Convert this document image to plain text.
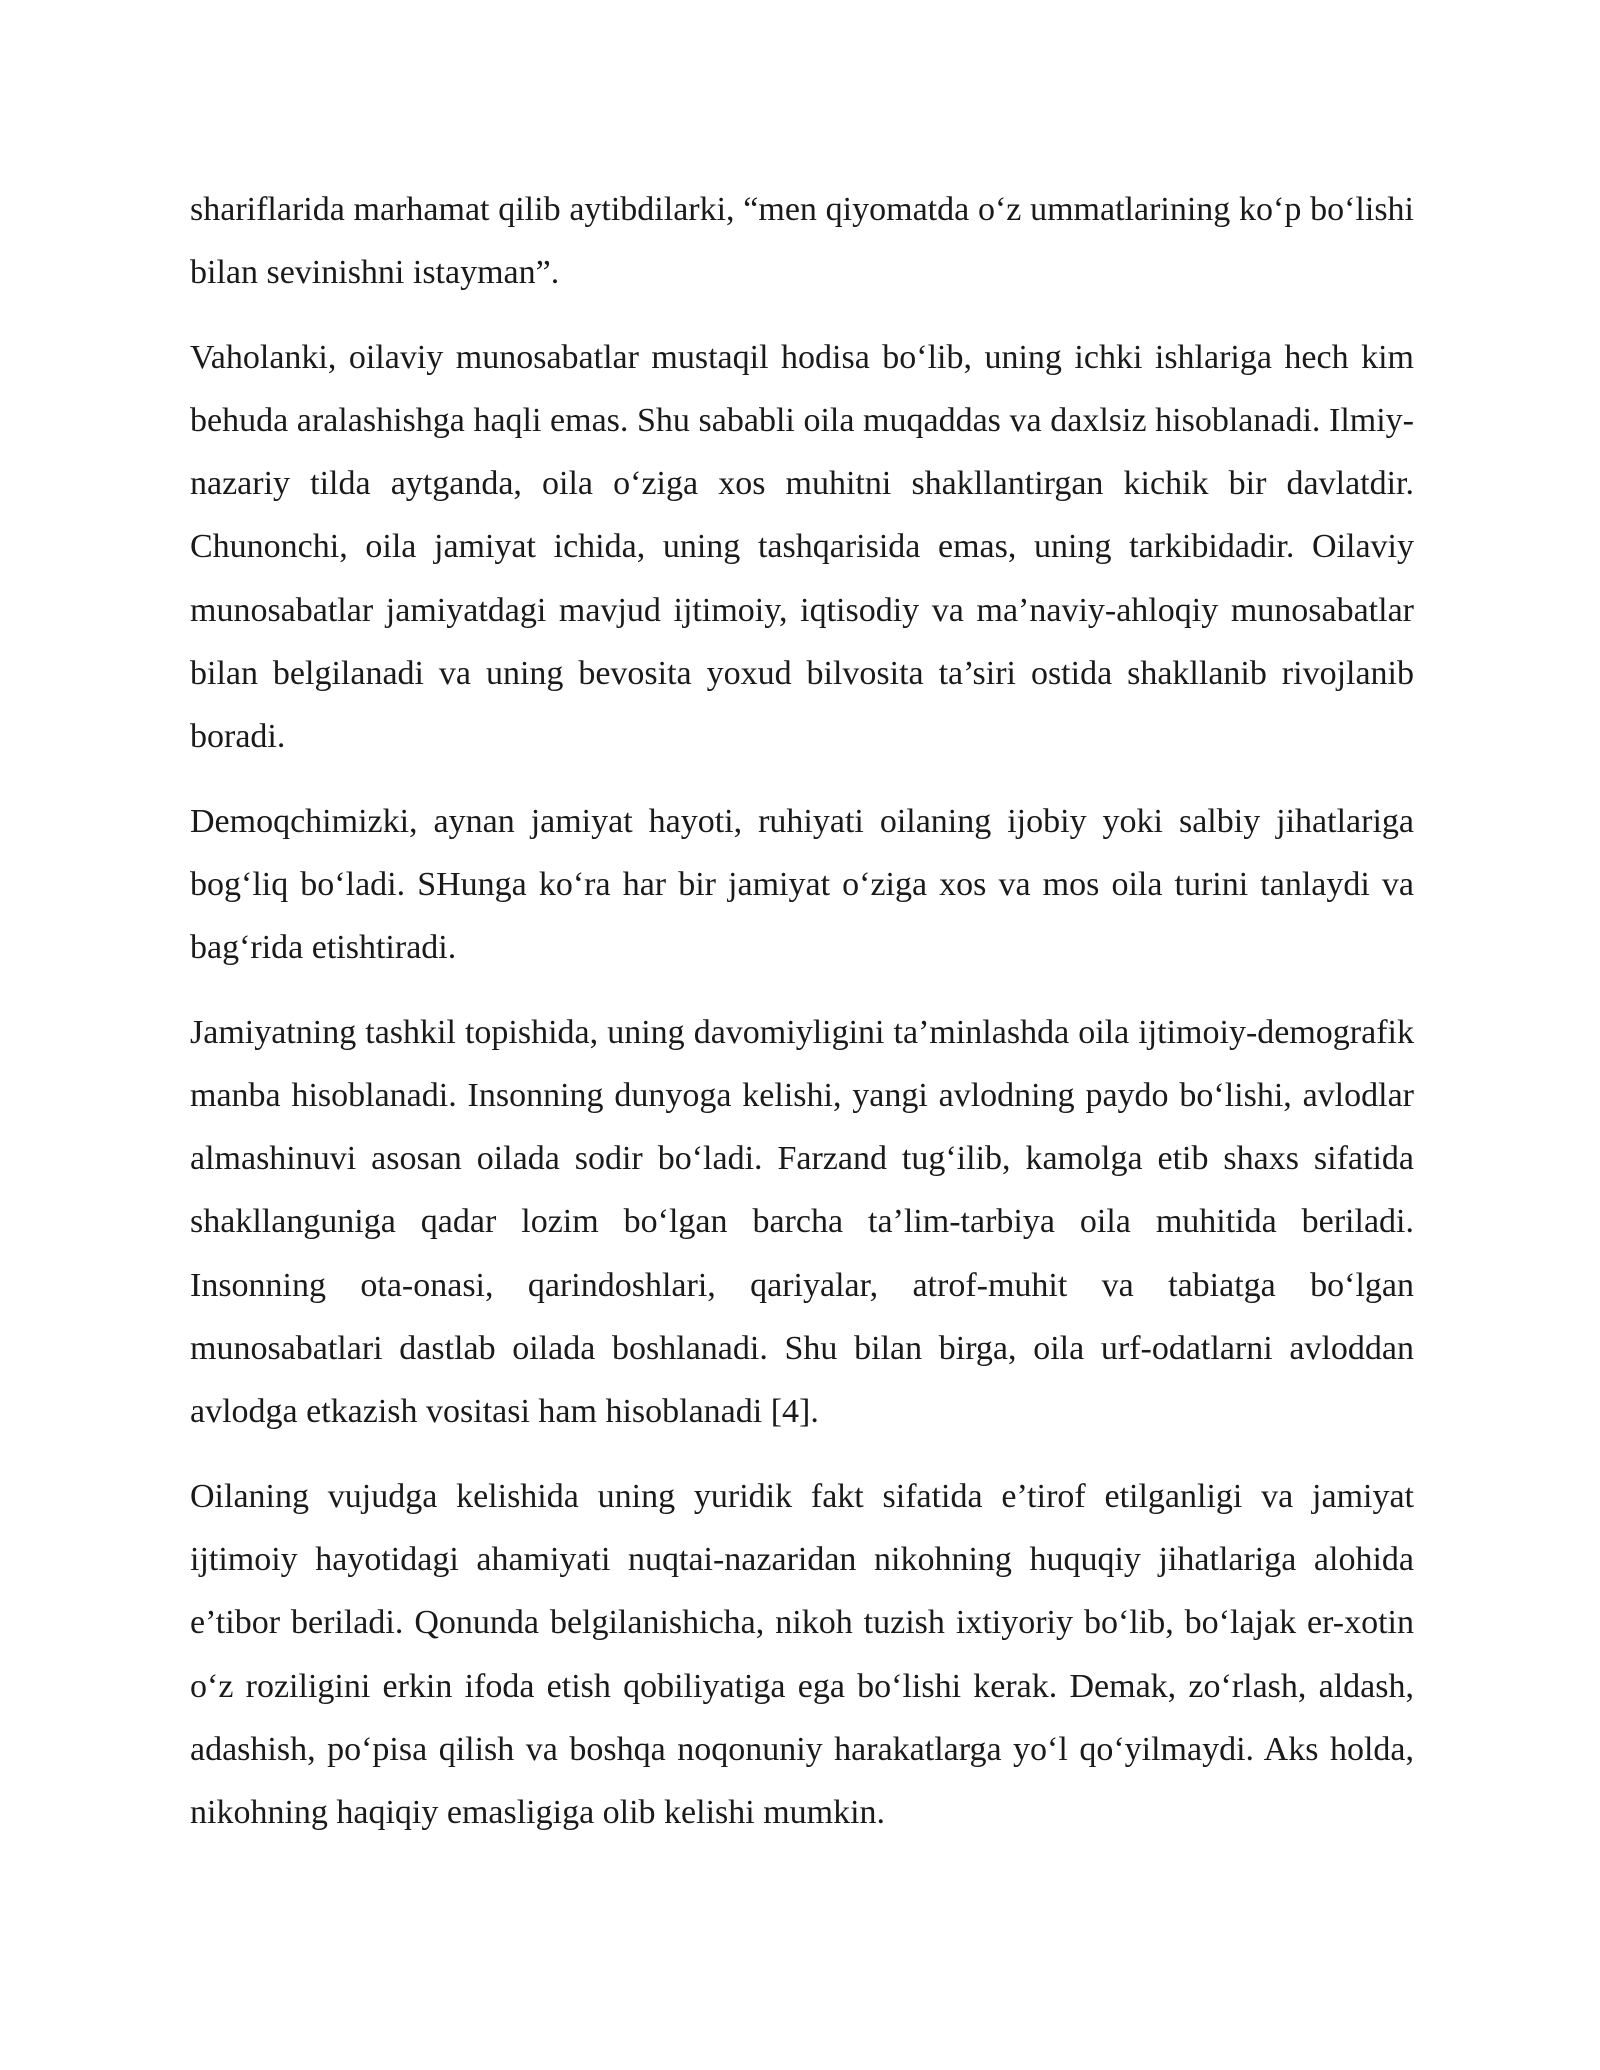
shariflarida marhamat qilib aytibdilarki, “men qiyomatda o‘z ummatlarining ko‘p bo‘lishi bilan sevinishni istayman”.

Vaholanki, oilaviy munosabatlar mustaqil hodisa bo‘lib, uning ichki ishlariga hech kim behuda aralashishga haqli emas. Shu sababli oila muqaddas va daxlsiz hisoblanadi. Ilmiy-nazariy tilda aytganda, oila o‘ziga xos muhitni shakllantirgan kichik bir davlatdir. Chunonchi, oila jamiyat ichida, uning tashqarisida emas, uning tarkibidadir. Oilaviy munosabatlar jamiyatdagi mavjud ijtimoiy, iqtisodiy va ma’naviy-ahloqiy munosabatlar bilan belgilanadi va uning bevosita yoxud bilvosita ta’siri ostida shakllanib rivojlanib boradi.

Demoqchimizki, aynan jamiyat hayoti, ruhiyati oilaning ijobiy yoki salbiy jihatlariga bog‘liq bo‘ladi. SHunga ko‘ra har bir jamiyat o‘ziga xos va mos oila turini tanlaydi va bag‘rida etishtiradi.

Jamiyatning tashkil topishida, uning davomiyligini ta’minlashda oila ijtimoiy-demografik manba hisoblanadi. Insonning dunyoga kelishi, yangi avlodning paydo bo‘lishi, avlodlar almashinuvi asosan oilada sodir bo‘ladi. Farzand tug‘ilib, kamolga etib shaxs sifatida shakllanguniga qadar lozim bo‘lgan barcha ta’lim-tarbiya oila muhitida beriladi. Insonning ota-onasi, qarindoshlari, qariyalar, atrof-muhit va tabiatga bo‘lgan munosabatlari dastlab oilada boshlanadi. Shu bilan birga, oila urf-odatlarni avloddan avlodga etkazish vositasi ham hisoblanadi [4].

Oilaning vujudga kelishida uning yuridik fakt sifatida e’tirof etilganligi va jamiyat ijtimoiy hayotidagi ahamiyati nuqtai-nazaridan nikohning huquqiy jihatlariga alohida e’tibor beriladi. Qonunda belgilanishicha, nikoh tuzish ixtiyoriy bo‘lib, bo‘lajak er-xotin o‘z roziligini erkin ifoda etish qobiliyatiga ega bo‘lishi kerak. Demak, zo‘rlash, aldash, adashish, po‘pisa qilish va boshqa noqonuniy harakatlarga yo‘l qo‘yilmaydi. Aks holda, nikohning haqiqiy emasligiga olib kelishi mumkin.
